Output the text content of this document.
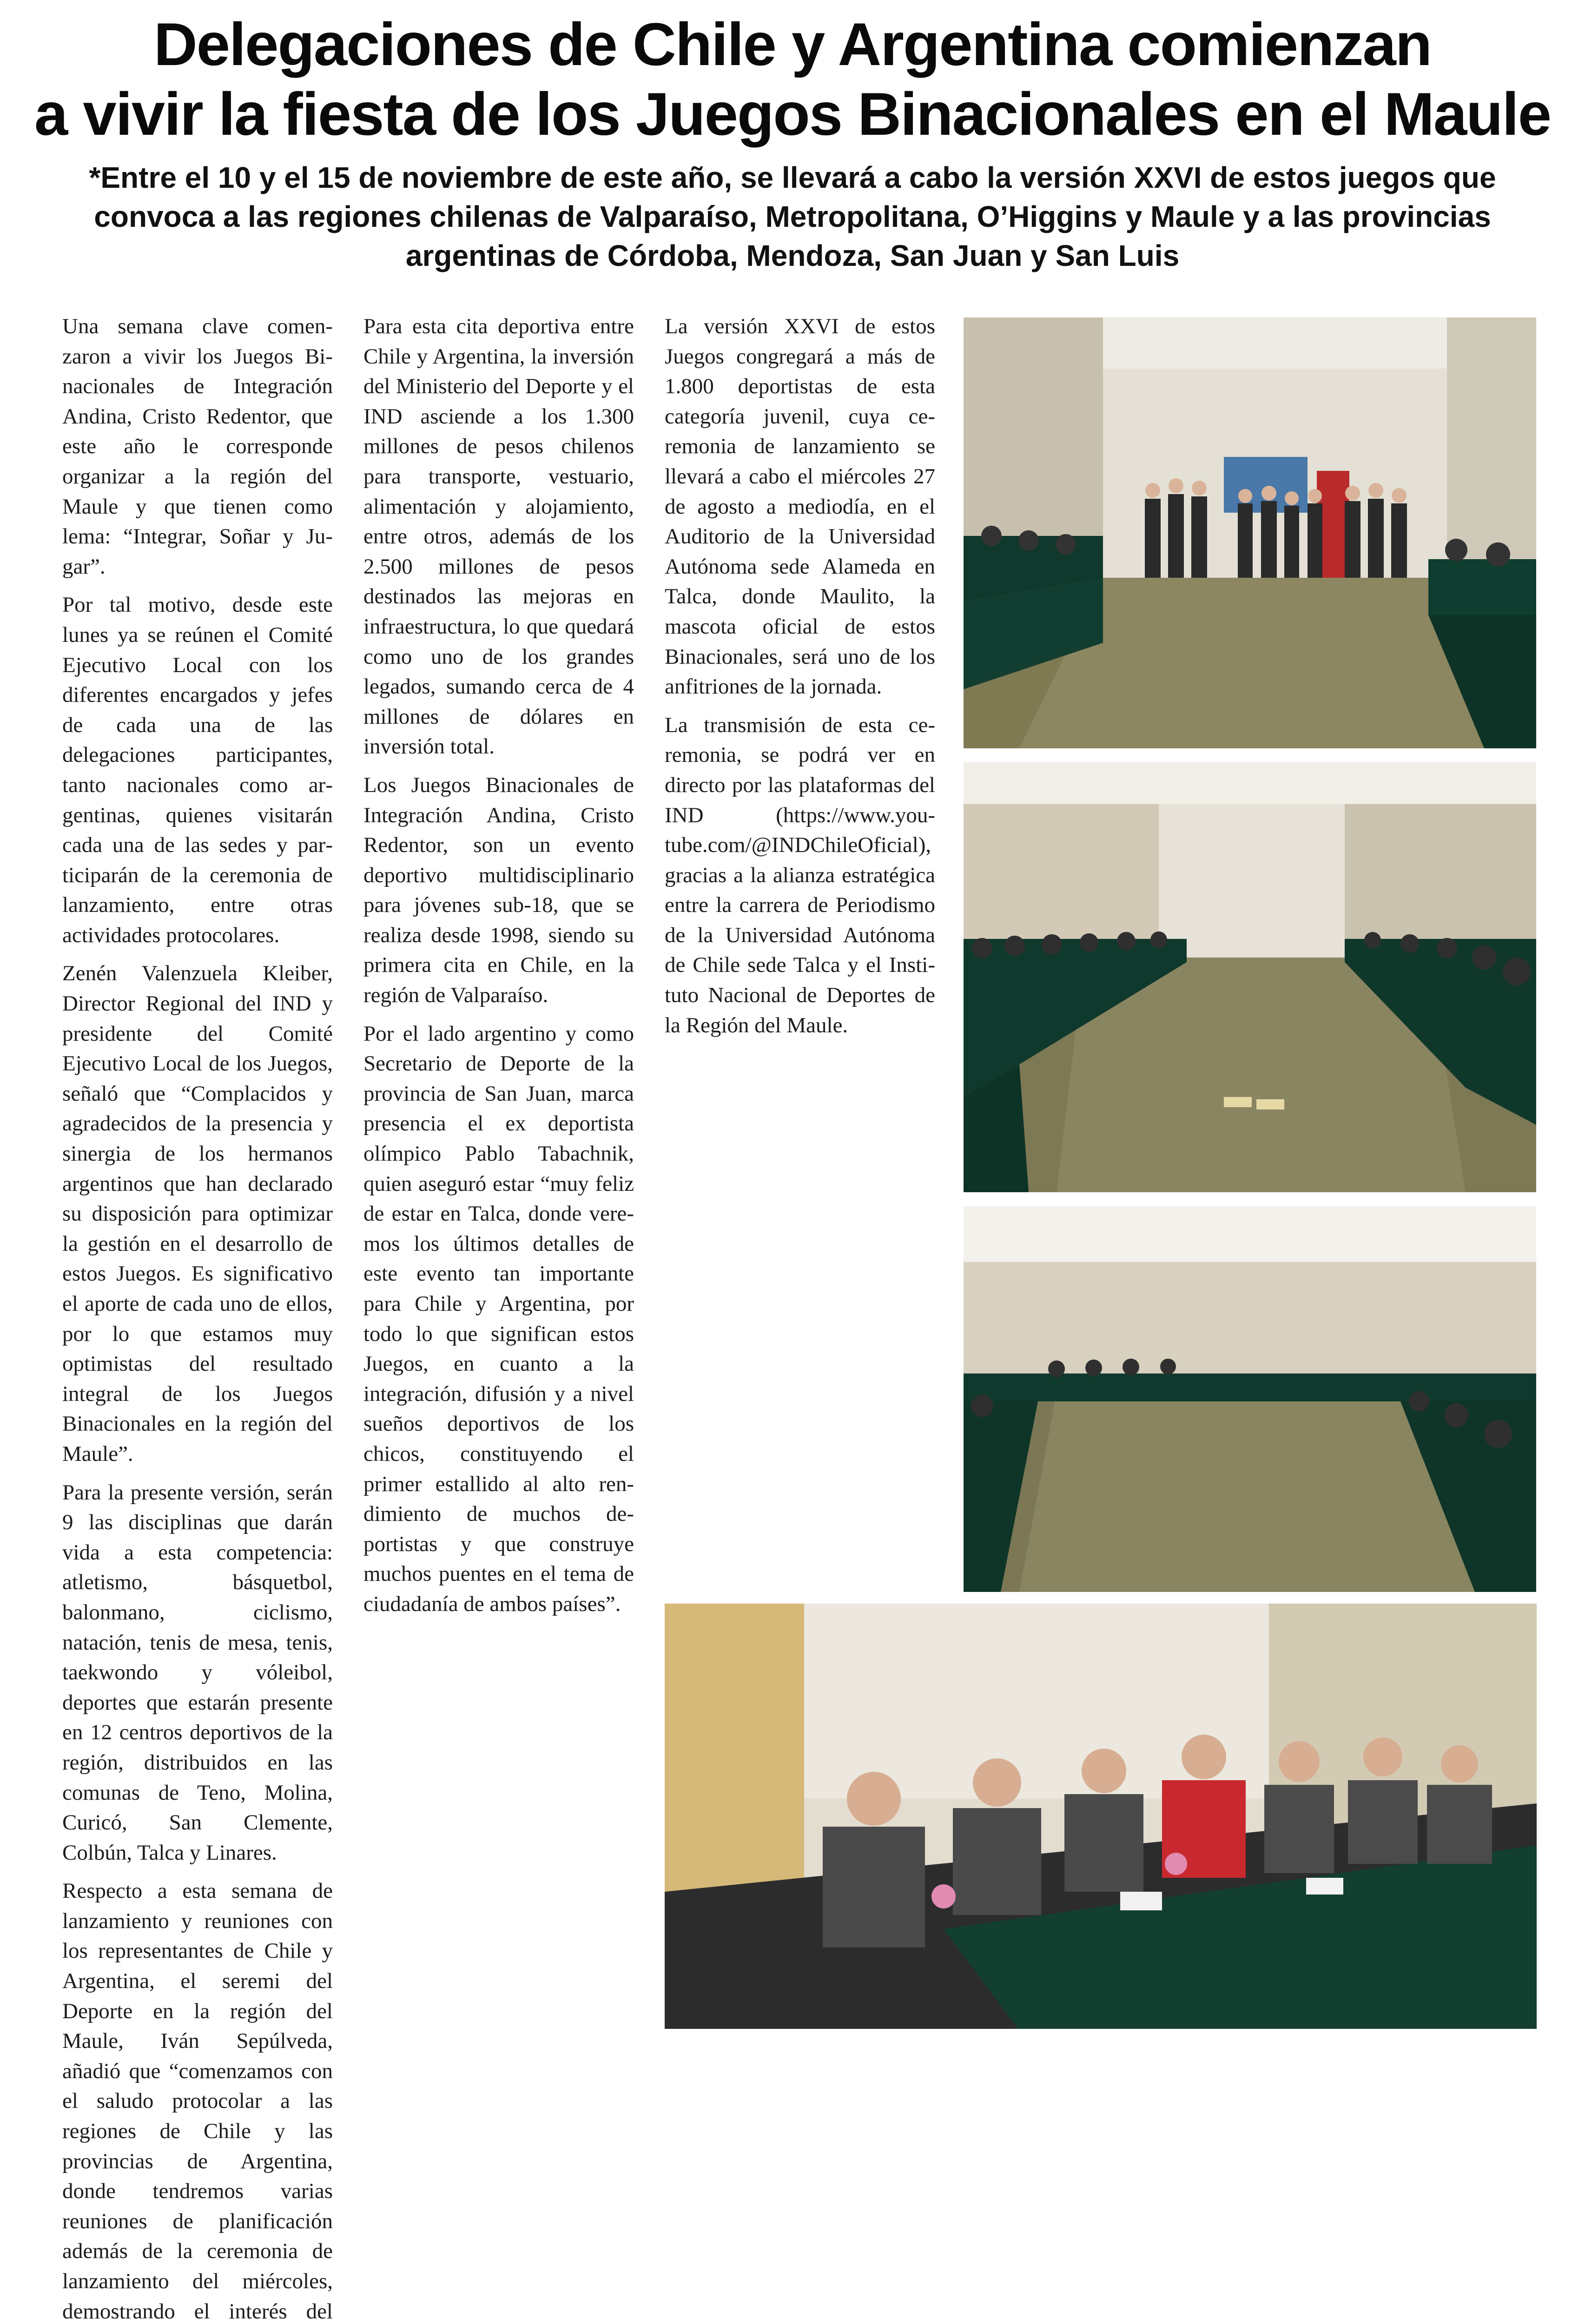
Delegaciones de Chile y Argentina comienzan
a vivir la fiesta de los Juegos Binacionales en el Maule

*Entre el 10 y el 15 de noviembre de este año, se llevará a cabo la versión XXVI de estos juegos que convoca a las regiones chilenas de Valparaíso, Metropolitana, O’Higgins y Maule y a las provincias argentinas de Córdoba, Mendoza, San Juan y San Luis

Una semana clave comenzaron a vivir los Juegos Binacionales de Integración Andina, Cristo Redentor, que este año le corresponde organizar a la región del Maule y que tienen como lema: “Integrar, Soñar y Jugar”.

Por tal motivo, desde este lunes ya se reúnen el Comité Ejecutivo Local con los diferentes encargados y jefes de cada una de las delegaciones participantes, tanto nacionales como argentinas, quienes visitarán cada una de las sedes y participarán de la ceremonia de lanzamiento, entre otras actividades protocolares.

Zenén Valenzuela Kleiber, Director Regional del IND y presidente del Comité Ejecutivo Local de los Juegos, señaló que “Complacidos y agradecidos de la presencia y sinergia de los hermanos argentinos que han declarado su disposición para optimizar la gestión en el desarrollo de estos Juegos. Es significativo el aporte de cada uno de ellos, por lo que estamos muy optimistas del resultado integral de los Juegos Binacionales en la región del Maule”.

Para la presente versión, serán 9 las disciplinas que darán vida a esta competencia: atletismo, básquetbol, balonmano, ciclismo, natación, tenis de mesa, tenis, taekwondo y vóleibol, deportes que estarán presente en 12 centros deportivos de la región, distribuidos en las comunas de Teno, Molina, Curicó, San Clemente, Colbún, Talca y Linares.

Respecto a esta semana de lanzamiento y reuniones con los representantes de Chile y Argentina, el seremi del Deporte en la región del Maule, Iván Sepúlveda, añadió que “comenzamos con el saludo protocolar a las regiones de Chile y las provincias de Argentina, donde tendremos varias reuniones de planificación además de la ceremonia de lanzamiento del miércoles, demostrando el interés del

Para esta cita deportiva entre Chile y Argentina, la inversión del Ministerio del Deporte y el IND asciende a los 1.300 millones de pesos chilenos para transporte, vestuario, alimentación y alojamiento, entre otros, además de los 2.500 millones de pesos destinados las mejoras en infraestructura, lo que quedará como uno de los grandes legados, sumando cerca de 4 millones de dólares en inversión total.

Los Juegos Binacionales de Integración Andina, Cristo Redentor, son un evento deportivo multidisciplinario para jóvenes sub-18, que se realiza desde 1998, siendo su primera cita en Chile, en la región de Valparaíso.

Por el lado argentino y como Secretario de Deporte de la provincia de San Juan, marca presencia el ex deportista olímpico Pablo Tabachnik, quien aseguró estar “muy feliz de estar en Talca, donde veremos los últimos detalles de este evento tan importante para Chile y Argentina, por todo lo que significan estos Juegos, en cuanto a la integración, difusión y a nivel sueños deportivos de los chicos, constituyendo el primer estallido al alto rendimiento de muchos deportistas y que construye muchos puentes en el tema de ciudadanía de ambos países”.

La versión XXVI de estos Juegos congregará a más de 1.800 deportistas de esta categoría juvenil, cuya ceremonia de lanzamiento se llevará a cabo el miércoles 27 de agosto a mediodía, en el Auditorio de la Universidad Autónoma sede Alameda en Talca, donde Maulito, la mascota oficial de estos Binacionales, será uno de los anfitriones de la jornada.

La transmisión de esta ceremonia, se podrá ver en directo por las plataformas del IND (https://www.youtube.com/@INDChileOficial), gracias a la alianza estratégica entre la carrera de Periodismo de la Universidad Autónoma de Chile sede Talca y el Instituto Nacional de Deportes de la Región del Maule.
